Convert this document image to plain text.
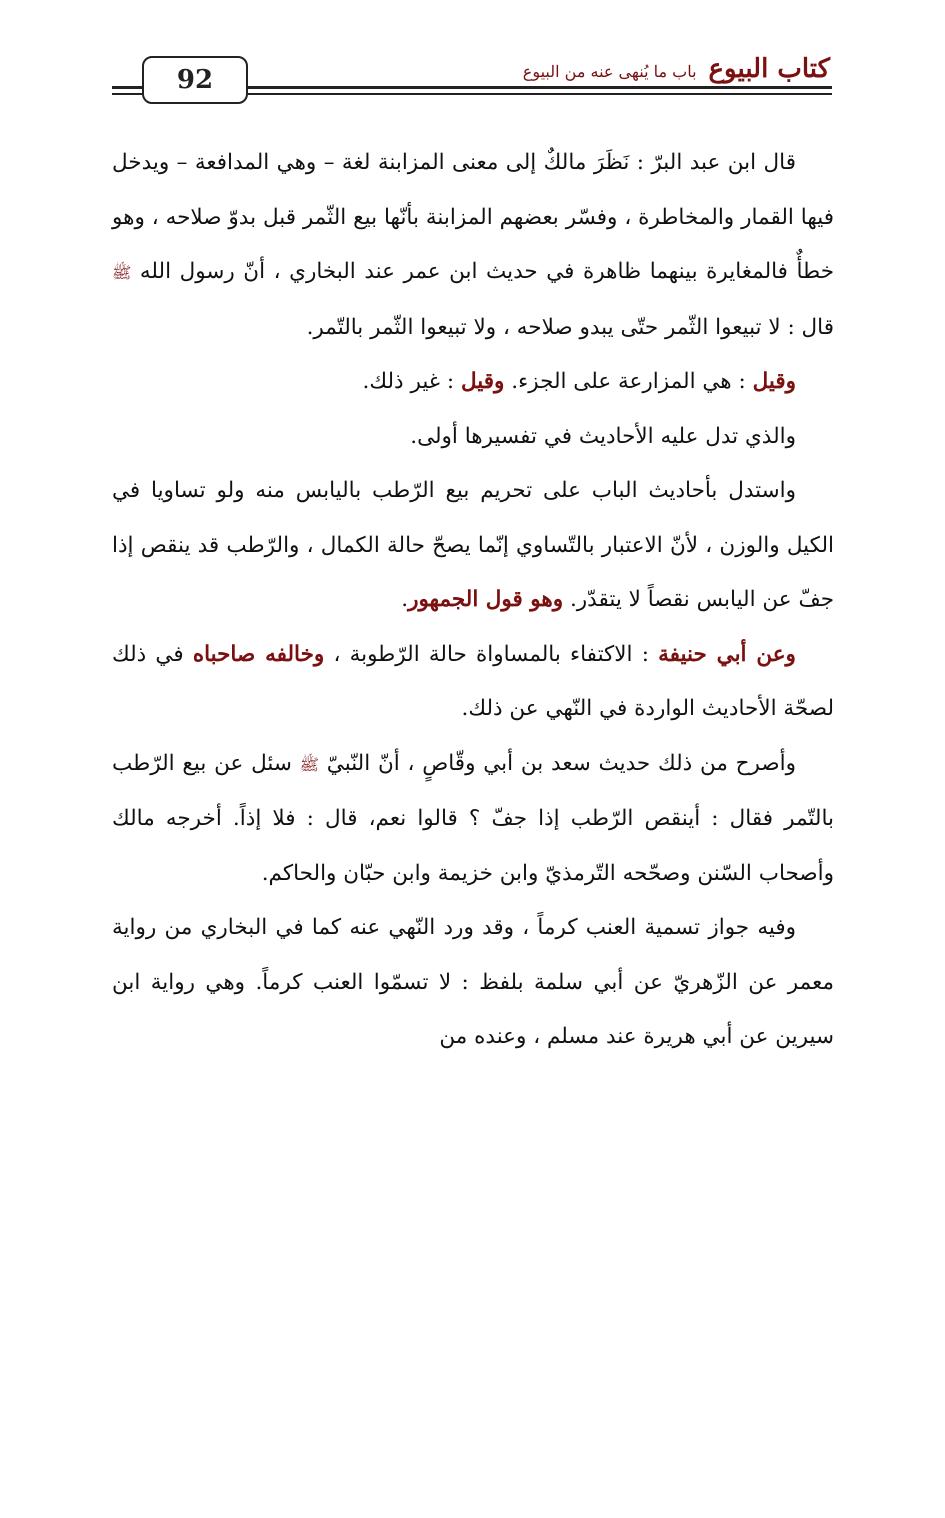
92	كتاب البيوع
باب ما يُنهى عنه من البيوع

قال ابن عبد البرّ : نَظَرَ مالكٌ إلى معنى المزابنة لغة – وهي المدافعة – ويدخل فيها القمار والمخاطرة ، وفسّر بعضهم المزابنة بأنّها بيع الثّمر قبل بدوّ صلاحه ، وهو خطأٌ فالمغايرة بينهما ظاهرة في حديث ابن عمر عند البخاري ، أنّ رسول الله ﷺ قال : لا تبيعوا الثّمر حتّى يبدو صلاحه ، ولا تبيعوا الثّمر بالتّمر.

وقيل : هي المزارعة على الجزء. وقيل : غير ذلك.

والذي تدل عليه الأحاديث في تفسيرها أولى.

واستدل بأحاديث الباب على تحريم بيع الرّطب باليابس منه ولو تساويا في الكيل والوزن ، لأنّ الاعتبار بالتّساوي إنّما يصحّ حالة الكمال ، والرّطب قد ينقص إذا جفّ عن اليابس نقصاً لا يتقدّر. وهو قول الجمهور.

وعن أبي حنيفة : الاكتفاء بالمساواة حالة الرّطوبة ، وخالفه صاحباه في ذلك لصحّة الأحاديث الواردة في النّهي عن ذلك.

وأصرح من ذلك حديث سعد بن أبي وقّاصٍ ، أنّ النّبيّ ﷺ سئل عن بيع الرّطب بالتّمر فقال : أينقص الرّطب إذا جفّ ؟ قالوا نعم، قال : فلا إذاً. أخرجه مالك وأصحاب السّنن وصحّحه التّرمذيّ وابن خزيمة وابن حبّان والحاكم.

وفيه جواز تسمية العنب كرماً ، وقد ورد النّهي عنه كما في البخاري من رواية معمر عن الزّهريّ عن أبي سلمة بلفظ : لا تسمّوا العنب كرماً. وهي رواية ابن سيرين عن أبي هريرة عند مسلم ، وعنده من
